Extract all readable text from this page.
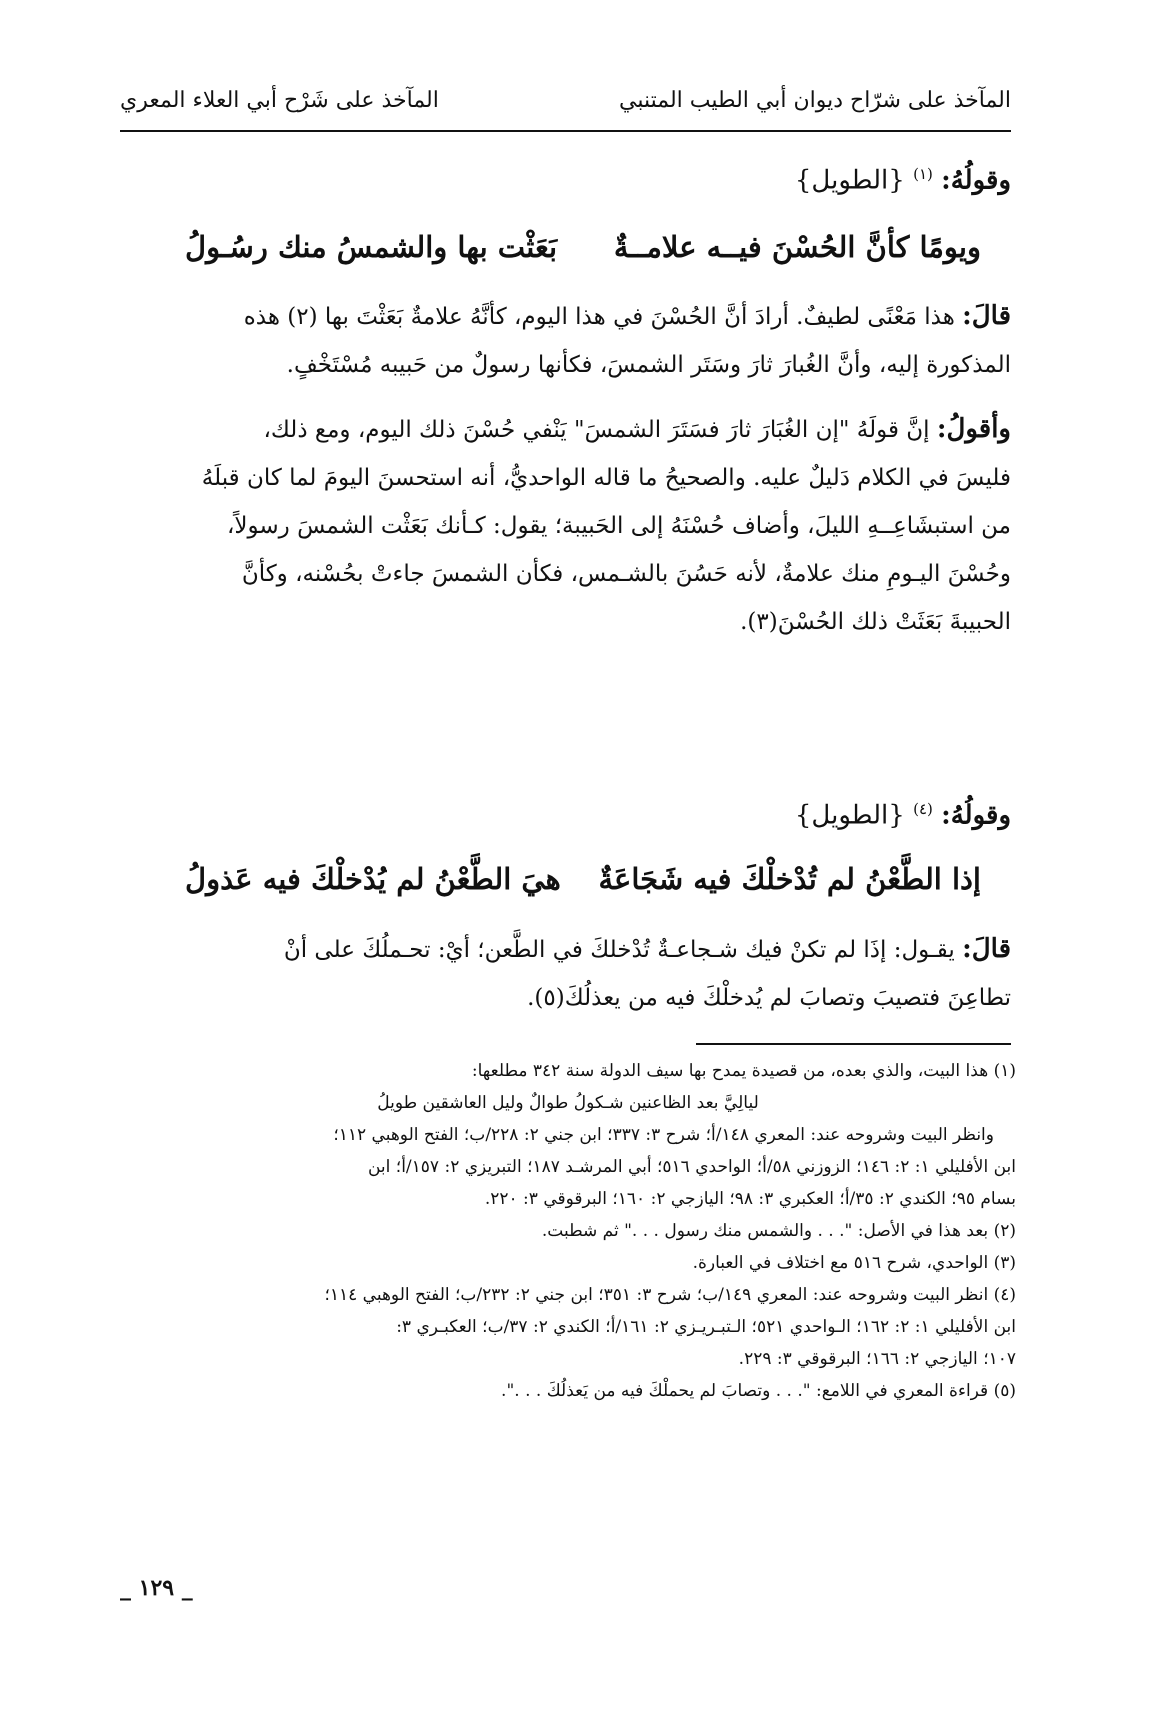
المآخذ على شرّاح ديوان أبي الطيب المتنبي
المآخذ على شَرْح أبي العلاء المعري
وقولُهُ: $^{(١)}$ {الطويل}
ويومًا كأنَّ الحُسْنَ فيــه علامــةٌ
بَعَثْت بها والشمسُ منك رسُـولُ
قالَ: هذا مَعْنًى لطيفٌ. أرادَ أنَّ الحُسْنَ في هذا اليوم، كأنَّهُ علامةٌ بَعَثْتَ بها (٢) هذه
المذكورة إليه، وأنَّ الغُبارَ ثارَ وسَتَر الشمسَ، فكأنها رسولٌ من حَبيبه مُسْتَخْفٍ.
وأقولُ: إنَّ قولَهُ "إن الغُبَارَ ثارَ فسَتَرَ الشمسَ" يَنْفي حُسْنَ ذلك اليوم، ومع ذلك،
فليسَ في الكلام دَليلٌ عليه. والصحيحُ ما قاله الواحديُّ، أنه استحسنَ اليومَ لما كان قبلَهُ
من استبشَاعِــهِ الليلَ، وأضاف حُسْنَهُ إلى الحَبيبة؛ يقول: كـأنك بَعَثْت الشمسَ رسولاً،
وحُسْنَ اليـومِ منك علامةٌ، لأنه حَسُنَ بالشـمس، فكأن الشمسَ جاءتْ بحُسْنه، وكأنَّ
الحبيبةَ بَعَثَتْ ذلك الحُسْنَ(٣).
وقولُهُ: $^{(٤)}$ {الطويل}
إذا الطَّعْنُ لم تُدْخلْكَ فيه شَجَاعَةٌ
هيَ الطَّعْنُ لم يُدْخلْكَ فيه عَذولُ
قالَ: يقـول: إذَا لم تكنْ فيك شـجاعـةٌ تُدْخلكَ في الطَّعن؛ أيْ: تحـملُكَ على أنْ
تطاعِنَ فتصيبَ وتصابَ لم يُدخلْكَ فيه من يعذلُكَ(٥).
(١) هذا البيت، والذي بعده، من قصيدة يمدح بها سيف الدولة سنة ٣٤٢ مطلعها:
ليالِيَّ بعد الظاعنين شـكولُ طوالٌ وليل العاشقين طويلُ
وانظر البيت وشروحه عند: المعري ١٤٨/أ؛ شرح ٣: ٣٣٧؛ ابن جني ٢: ٢٢٨/ب؛ الفتح الوهبي ١١٢؛
ابن الأفليلي ١: ٢: ١٤٦؛ الزوزني ٥٨/أ؛ الواحدي ٥١٦؛ أبي المرشـد ١٨٧؛ التبريزي ٢: ١٥٧/أ؛ ابن
بسام ٩٥؛ الكندي ٢: ٣٥/أ؛ العكبري ٣: ٩٨؛ اليازجي ٢: ١٦٠؛ البرقوقي ٣: ٢٢٠.
(٢) بعد هذا في الأصل: ". . . والشمس منك رسول . . ." ثم شطبت.
(٣) الواحدي، شرح ٥١٦ مع اختلاف في العبارة.
(٤) انظر البيت وشروحه عند: المعري ١٤٩/ب؛ شرح ٣: ٣٥١؛ ابن جني ٢: ٢٣٢/ب؛ الفتح الوهبي ١١٤؛
ابن الأفليلي ١: ٢: ١٦٢؛ الـواحدي ٥٢١؛ الـتبـريـزي ٢: ١٦١/أ؛ الكندي ٢: ٣٧/ب؛ العكبـري ٣:
١٠٧؛ اليازجي ٢: ١٦٦؛ البرقوقي ٣: ٢٢٩.
(٥) قراءة المعري في اللامع: ". . . وتصابَ لم يحملْكَ فيه من يَعذلُكَ . . .".
_ ١٢٩ _
